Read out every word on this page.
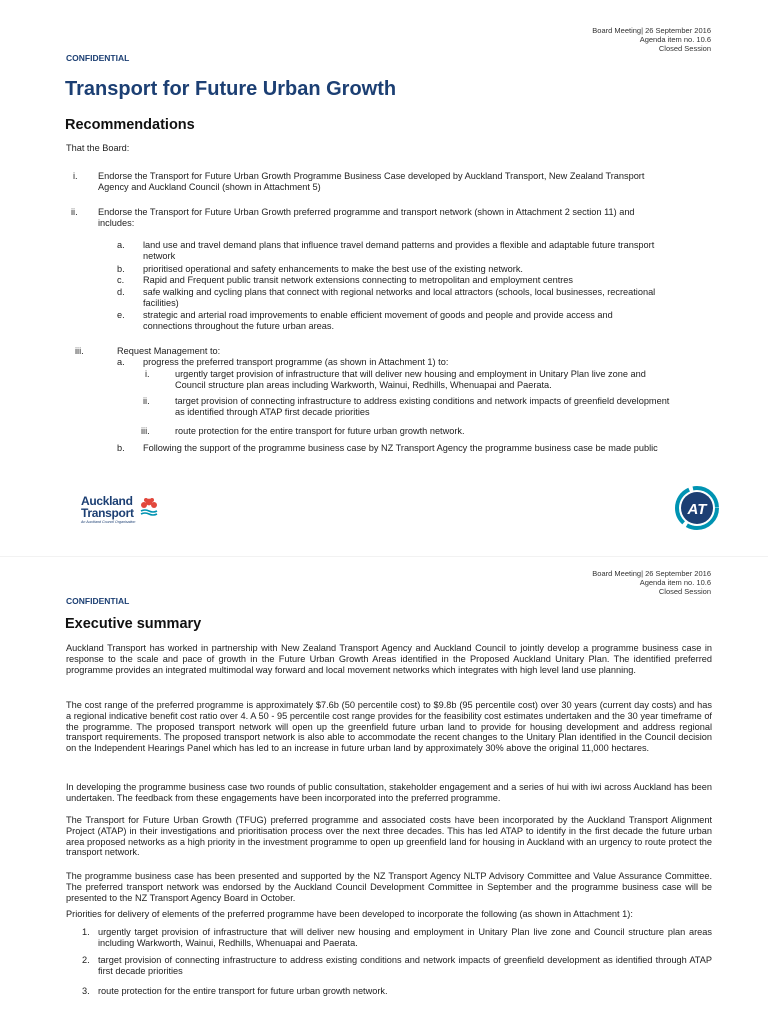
Board Meeting| 26 September 2016
Agenda item no. 10.6
Closed Session
CONFIDENTIAL
Transport for Future Urban Growth
Recommendations
That the Board:
i. Endorse the Transport for Future Urban Growth Programme Business Case developed by Auckland Transport, New Zealand Transport
Agency and Auckland Council (shown in Attachment 5)
ii. Endorse the Transport for Future Urban Growth preferred programme and transport network (shown in Attachment 2 section 11) and
includes:
a. land use and travel demand plans that influence travel demand patterns and provides a flexible and adaptable future transport
network
b. prioritised operational and safety enhancements to make the best use of the existing network.
c. Rapid and Frequent public transit network extensions connecting to metropolitan and employment centres
d. safe walking and cycling plans that connect with regional networks and local attractors (schools, local businesses, recreational
facilities)
e. strategic and arterial road improvements to enable efficient movement of goods and people and provide access and
connections throughout the future urban areas.
iii.	Request Management to:
a. progress the preferred transport programme (as shown in Attachment 1) to:
i.	urgently target provision of infrastructure that will deliver new housing and employment in Unitary Plan live zone and
Council structure plan areas including Warkworth, Wainui, Redhills, Whenuapai and Paerata.
ii.	target provision of connecting infrastructure to address existing conditions and network impacts of greenfield development
as identified through ATAP first decade priorities
iii.	route protection for the entire transport for future urban growth network.
b. Following the support of the programme business case by NZ Transport Agency the programme business case be made public
Auckland
Transport
An Auckland Council Organisation
AT
Board Meeting| 26 September 2016
Agenda item no. 10.6
Closed Session
CONFIDENTIAL
Executive summary
Auckland Transport has worked in partnership with New Zealand Transport Agency and Auckland Council to jointly develop a programme business case in response to the scale and pace of growth in the Future Urban Growth Areas identified in the Proposed Auckland Unitary Plan. The identified preferred programme provides an integrated multimodal way forward and local movement networks which integrates with high level land use planning.
The cost range of the preferred programme is approximately $7.6b (50 percentile cost) to $9.8b (95 percentile cost) over 30 years (current day costs) and has a regional indicative benefit cost ratio over 4. A 50 - 95 percentile cost range provides for the feasibility cost estimates undertaken and the 30 year timeframe of the programme. The proposed transport network will open up the greenfield future urban land to provide for housing development and address regional transport requirements. The proposed transport network is also able to accommodate the recent changes to the Unitary Plan identified in the Council decision on the Independent Hearings Panel which has led to an increase in future urban land by approximately 30% above the original 11,000 hectares.
In developing the programme business case two rounds of public consultation, stakeholder engagement and a series of hui with iwi across Auckland has been undertaken. The feedback from these engagements have been incorporated into the preferred programme.
The Transport for Future Urban Growth (TFUG) preferred programme and associated costs have been incorporated by the Auckland Transport Alignment Project (ATAP) in their investigations and prioritisation process over the next three decades. This has led ATAP to identify in the first decade the future urban area proposed networks as a high priority in the investment programme to open up greenfield land for housing in Auckland with an urgency to route protect the transport network.
The programme business case has been presented and supported by the NZ Transport Agency NLTP Advisory Committee and Value Assurance Committee. The preferred transport network was endorsed by the Auckland Council Development Committee in September and the programme business case will be presented to the NZ Transport Agency Board in October.
Priorities for delivery of elements of the preferred programme have been developed to incorporate the following (as shown in Attachment 1):
1. urgently target provision of infrastructure that will deliver new housing and employment in Unitary Plan live zone and Council structure plan areas including Warkworth, Wainui, Redhills, Whenuapai and Paerata.
2. target provision of connecting infrastructure to address existing conditions and network impacts of greenfield development as identified through ATAP first decade priorities
3. route protection for the entire transport for future urban growth network.
